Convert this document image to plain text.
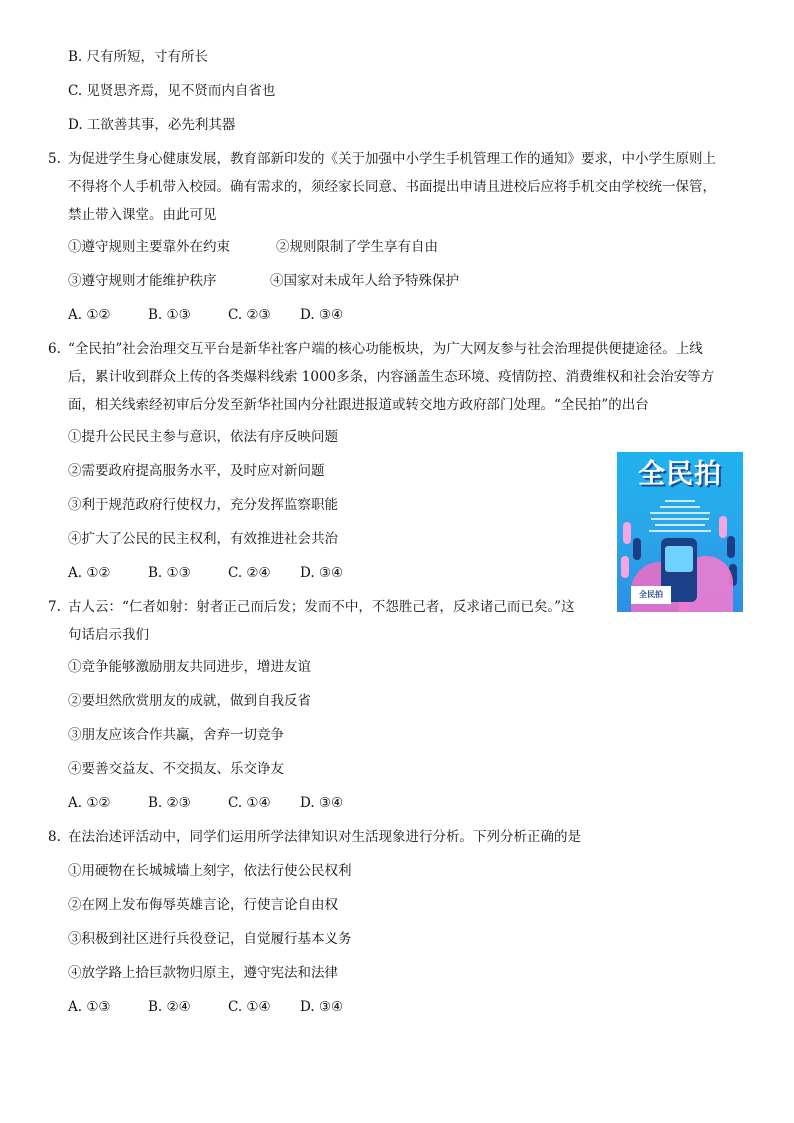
B. 尺有所短，寸有所长
C. 见贤思齐焉，见不贤而内自省也
D. 工欲善其事，必先利其器
5. 为促进学生身心健康发展，教育部新印发的《关于加强中小学生手机管理工作的通知》要求，中小学生原则上
不得将个人手机带入校园。确有需求的，须经家长同意、书面提出申请且进校后应将手机交由学校统一保管，
禁止带入课堂。由此可见
①遵守规则主要靠外在约束	②规则限制了学生享有自由
③遵守规则才能维护秩序	④国家对未成年人给予特殊保护
A. ①②	B. ①③	C. ②③ D. ③④
6. “全民拍”社会治理交互平台是新华社客户端的核心功能板块，为广大网友参与社会治理提供便捷途径。上线
后，累计收到群众上传的各类爆料线索 1000多条，内容涵盖生态环境、疫情防控、消费维权和社会治安等方
面，相关线索经初审后分发至新华社国内分社跟进报道或转交地方政府部门处理。“全民拍”的出台
①提升公民民主参与意识，依法有序反映问题
②需要政府提高服务水平，及时应对新问题
③利于规范政府行使权力，充分发挥监察职能
④扩大了公民的民主权利，有效推进社会共治
A. ①②	B. ①③	C. ②④ D. ③④
全民拍
全民拍
7. 古人云：“仁者如射：射者正己而后发；发而不中，不怨胜己者，反求诸己而已矣。”这
句话启示我们
①竞争能够激励朋友共同进步，增进友谊
②要坦然欣赏朋友的成就，做到自我反省
③朋友应该合作共赢，舍弃一切竞争
④要善交益友、不交损友、乐交诤友
A. ①②	B. ②③	C. ①④ D. ③④
8. 在法治述评活动中，同学们运用所学法律知识对生活现象进行分析。下列分析正确的是
①用硬物在长城城墙上刻字，依法行使公民权利
②在网上发布侮辱英雄言论，行使言论自由权
③积极到社区进行兵役登记，自觉履行基本义务
④放学路上拾巨款物归原主，遵守宪法和法律
A. ①③	B. ②④	C. ①④ D. ③④
